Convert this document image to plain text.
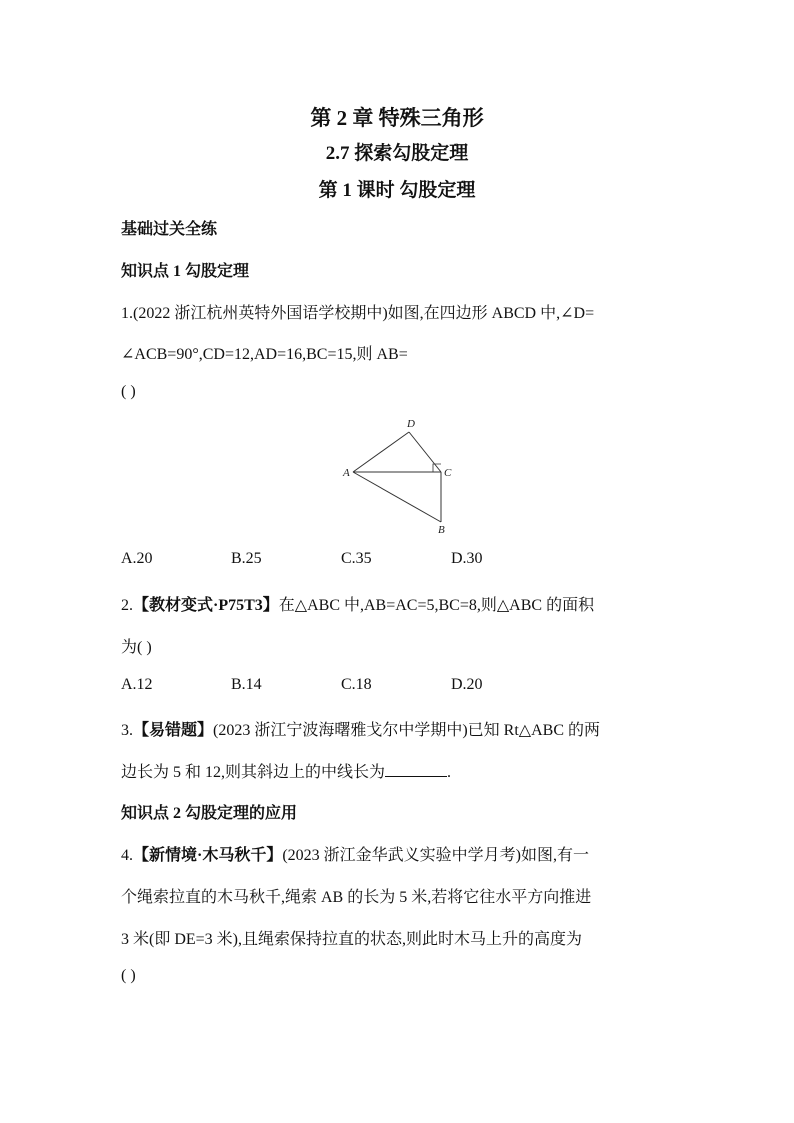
第 2 章 特殊三角形
2.7 探索勾股定理
第 1 课时 勾股定理
基础过关全练
知识点 1 勾股定理
1.(2022 浙江杭州英特外国语学校期中)如图,在四边形 ABCD 中,∠D=
∠ACB=90°,CD=12,AD=16,BC=15,则 AB=
( )
D
A	C
B
A.20	B.25	C.35	D.30
2.【教材变式·P75T3】在△ABC 中,AB=AC=5,BC=8,则△ABC 的面积
为( )
A.12	B.14	C.18	D.20
3.【易错题】(2023 浙江宁波海曙雅戈尔中学期中)已知 Rt△ABC 的两
边长为 5 和 12,则其斜边上的中线长为	.
知识点 2 勾股定理的应用
4.【新情境·木马秋千】(2023 浙江金华武义实验中学月考)如图,有一
个绳索拉直的木马秋千,绳索 AB 的长为 5 米,若将它往水平方向推进
3 米(即 DE=3 米),且绳索保持拉直的状态,则此时木马上升的高度为
( )
